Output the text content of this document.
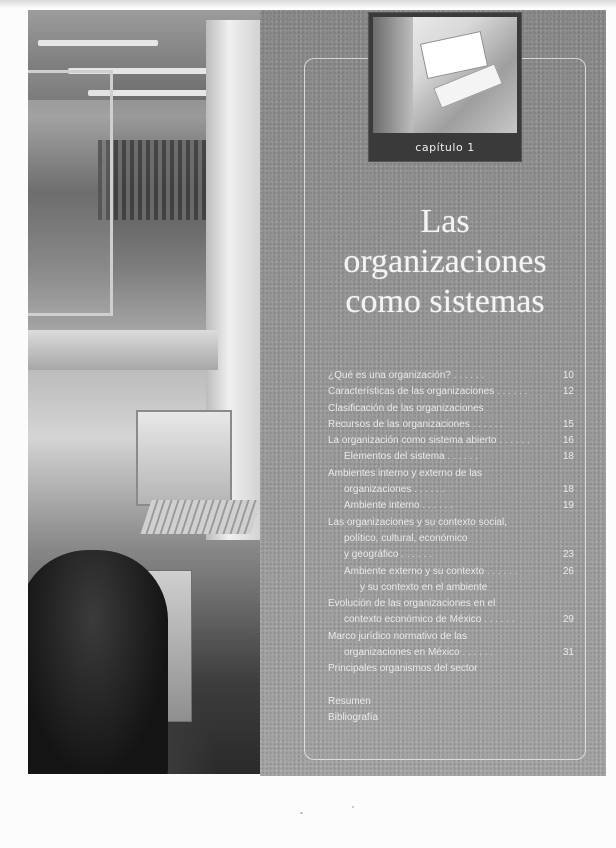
capítulo 1
Las
organizaciones
como sistemas
¿Qué es una organización? . . . . . .	10
Características de las organizaciones . . . . . .	12
Clasificación de las organizaciones
Recursos de las organizaciones . . . . . .	15
La organización como sistema abierto . . . . . .	16
Elementos del sistema . . . . . .	18
Ambientes interno y externo de las
organizaciones . . . . . .	18
Ambiente interno . . . . . .	19
Las organizaciones y su contexto social,
político, cultural, económico
y geográfico . . . . . .	23
Ambiente externo y su contexto . . . . . .	26
y su contexto en el ambiente
Evolución de las organizaciones en el
contexto económico de México . . . . . .	29
Marco jurídico normativo de las
organizaciones en México . . . . . .	31
Principales organismos del sector
Resumen
Bibliografía
